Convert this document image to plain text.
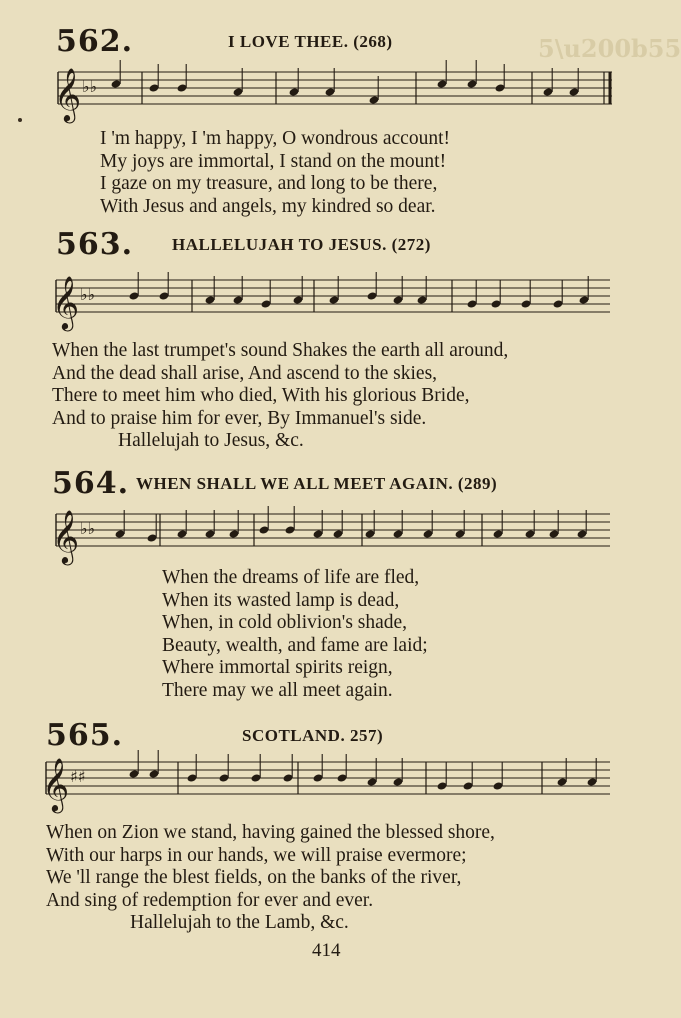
5\u200b55
562.	I LOVE THEE. (268)
𝄞 ♭♭
I 'm happy, I 'm happy, O wondrous account!
My joys are immortal, I stand on the mount!
I gaze on my treasure, and long to be there,
With Jesus and angels, my kindred so dear.
563. HALLELUJAH TO JESUS. (272)
𝄞 ♭♭
When the last trumpet's sound Shakes the earth all around,
And the dead shall arise, And ascend to the skies,
There to meet him who died, With his glorious Bride,
And to praise him for ever, By Immanuel's side.
Hallelujah to Jesus, &c.
564. WHEN SHALL WE ALL MEET AGAIN. (289)
𝄞 ♭♭
When the dreams of life are fled,
When its wasted lamp is dead,
When, in cold oblivion's shade,
Beauty, wealth, and fame are laid;
Where immortal spirits reign,
There may we all meet again.
565.	SCOTLAND. 257)
𝄞 ♯♯
When on Zion we stand, having gained the blessed shore,
With our harps in our hands, we will praise evermore;
We 'll range the blest fields, on the banks of the river,
And sing of redemption for ever and ever.
Hallelujah to the Lamb, &c.
414
